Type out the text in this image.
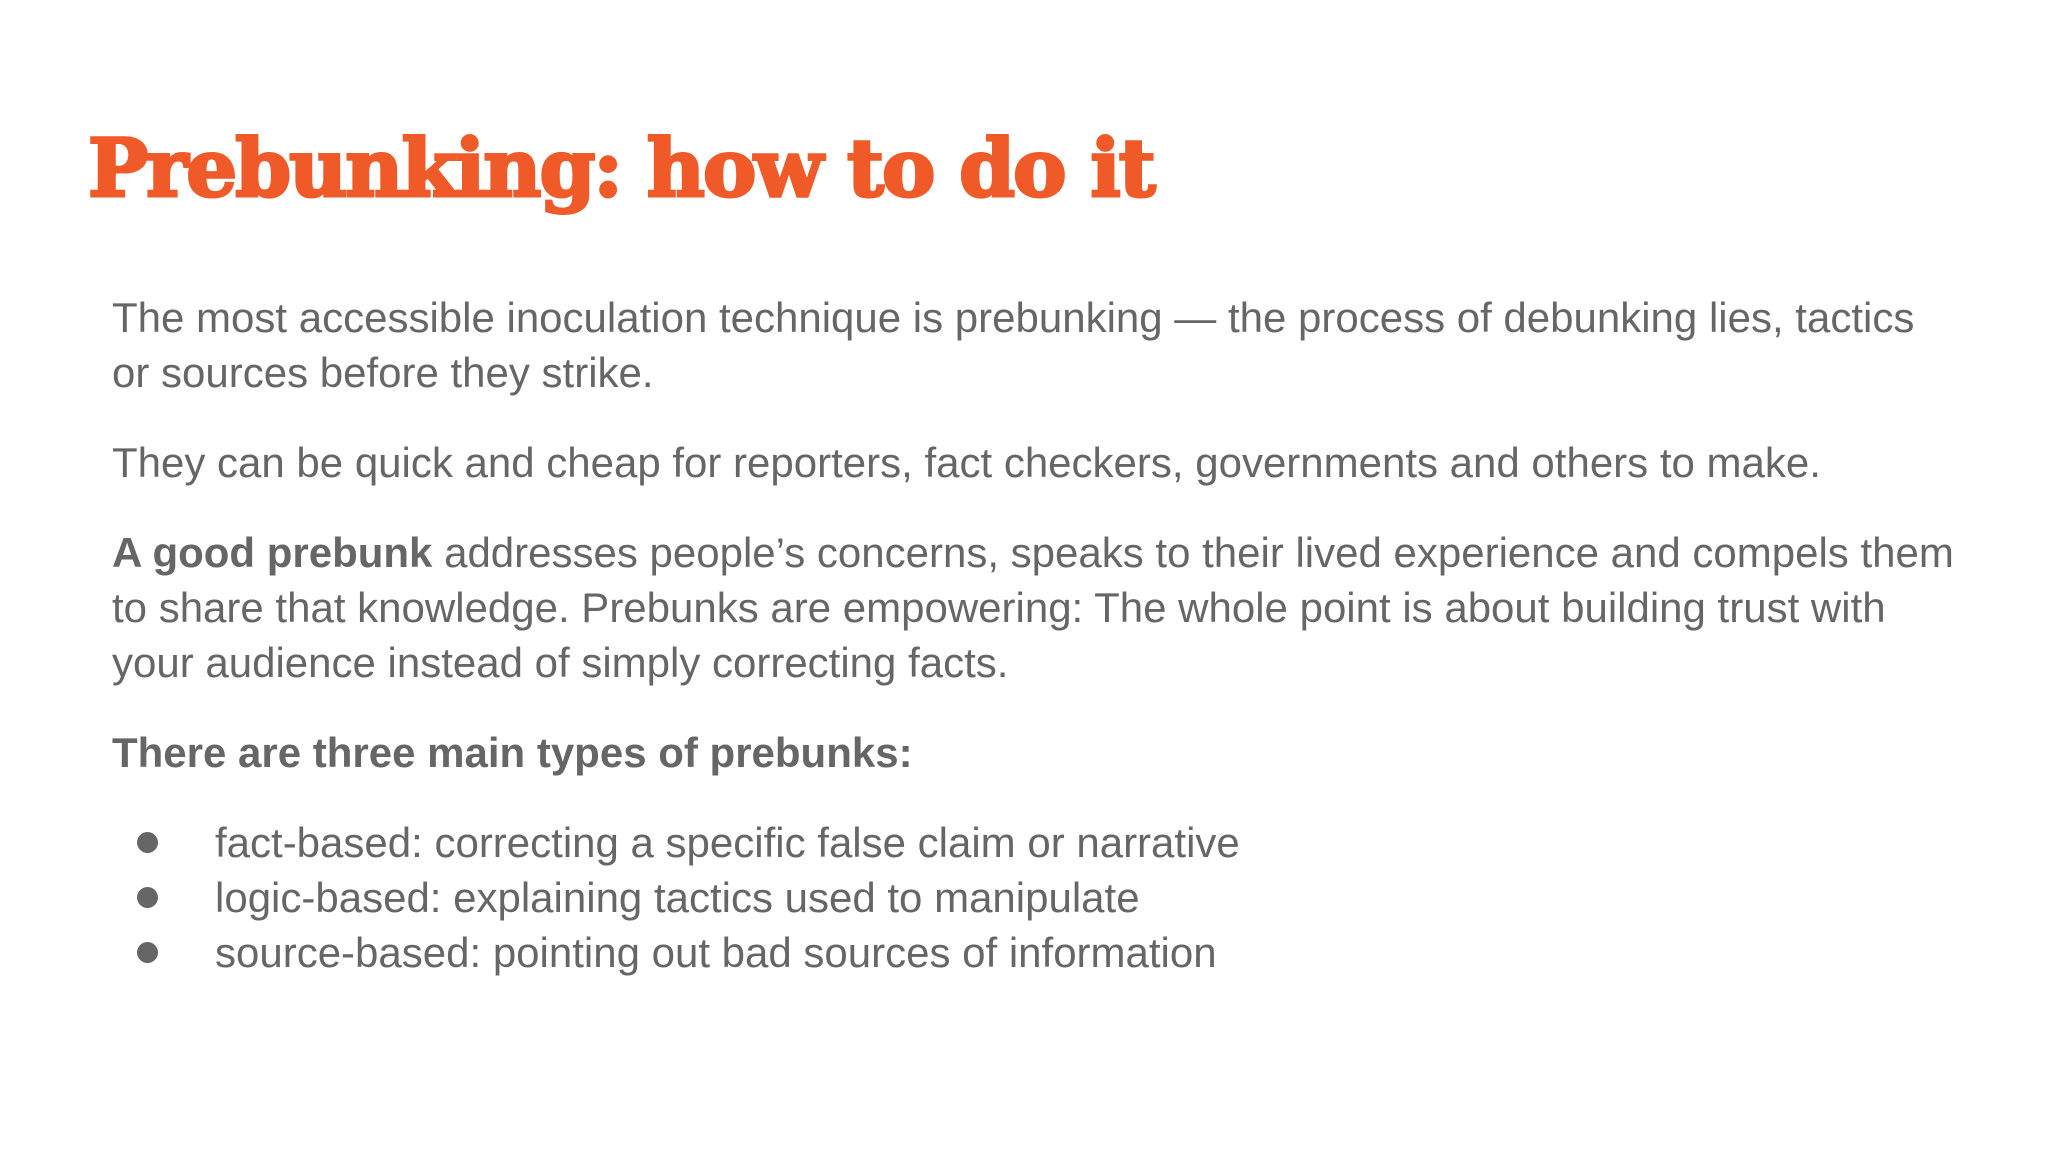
Prebunking: how to do it

The most accessible inoculation technique is prebunking — the process of debunking lies, tactics or sources before they strike.

They can be quick and cheap for reporters, fact checkers, governments and others to make.

A good prebunk addresses people’s concerns, speaks to their lived experience and compels them to share that knowledge. Prebunks are empowering: The whole point is about building trust with your audience instead of simply correcting facts.

There are three main types of prebunks:

fact-based: correcting a specific false claim or narrative
logic-based: explaining tactics used to manipulate
source-based: pointing out bad sources of information
